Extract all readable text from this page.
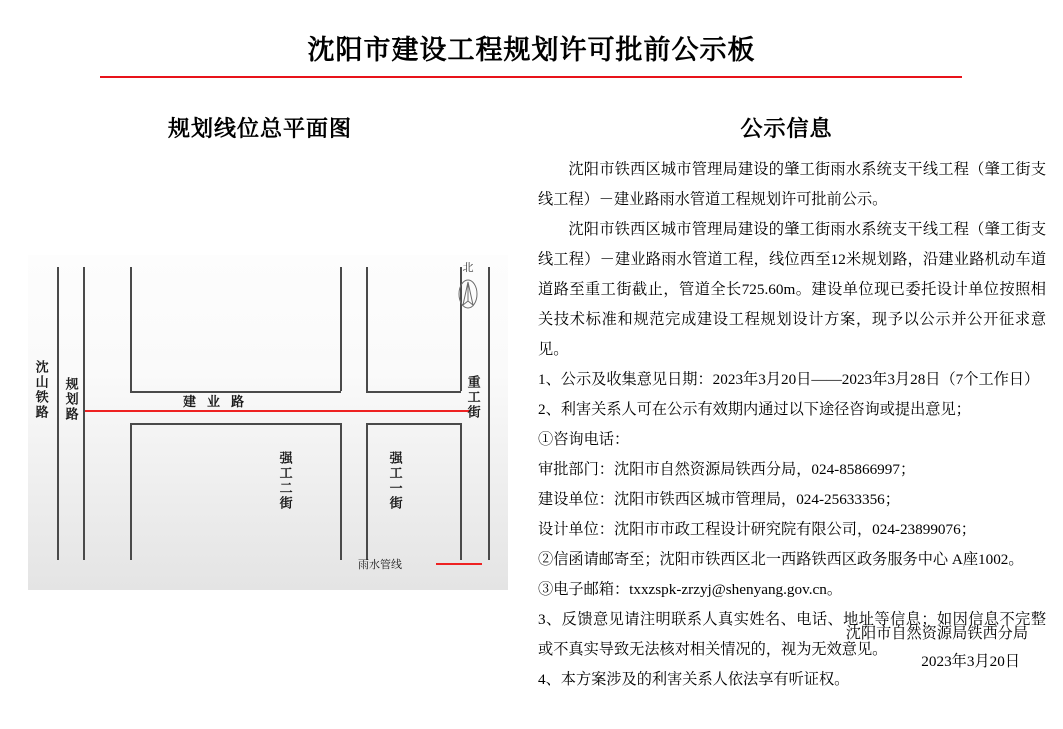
沈阳市建设工程规划许可批前公示板
规划线位总平面图
建业路
沈山铁路 规划路
强工二街	强工一街
重工街
北
雨水管线
公示信息

沈阳市铁西区城市管理局建设的肇工街雨水系统支干线工程（肇工街支线工程）－建业路雨水管道工程规划许可批前公示。

沈阳市铁西区城市管理局建设的肇工街雨水系统支干线工程（肇工街支线工程）－建业路雨水管道工程，线位西至12米规划路，沿建业路机动车道道路至重工街截止，管道全长725.60m。建设单位现已委托设计单位按照相关技术标准和规范完成建设工程规划设计方案，现予以公示并公开征求意见。

1、公示及收集意见日期：2023年3月20日——2023年3月28日（7个工作日）

2、利害关系人可在公示有效期内通过以下途径咨询或提出意见；

①咨询电话：

审批部门：沈阳市自然资源局铁西分局，024-85866997；

建设单位：沈阳市铁西区城市管理局，024-25633356；

设计单位：沈阳市市政工程设计研究院有限公司，024-23899076；

②信函请邮寄至；沈阳市铁西区北一西路铁西区政务服务中心 A座1002。

③电子邮箱：txxzspk-zrzyj@shenyang.gov.cn。

3、反馈意见请注明联系人真实姓名、电话、地址等信息；如因信息不完整或不真实导致无法核对相关情况的，视为无效意见。

4、本方案涉及的利害关系人依法享有听证权。

沈阳市自然资源局铁西分局
2023年3月20日
